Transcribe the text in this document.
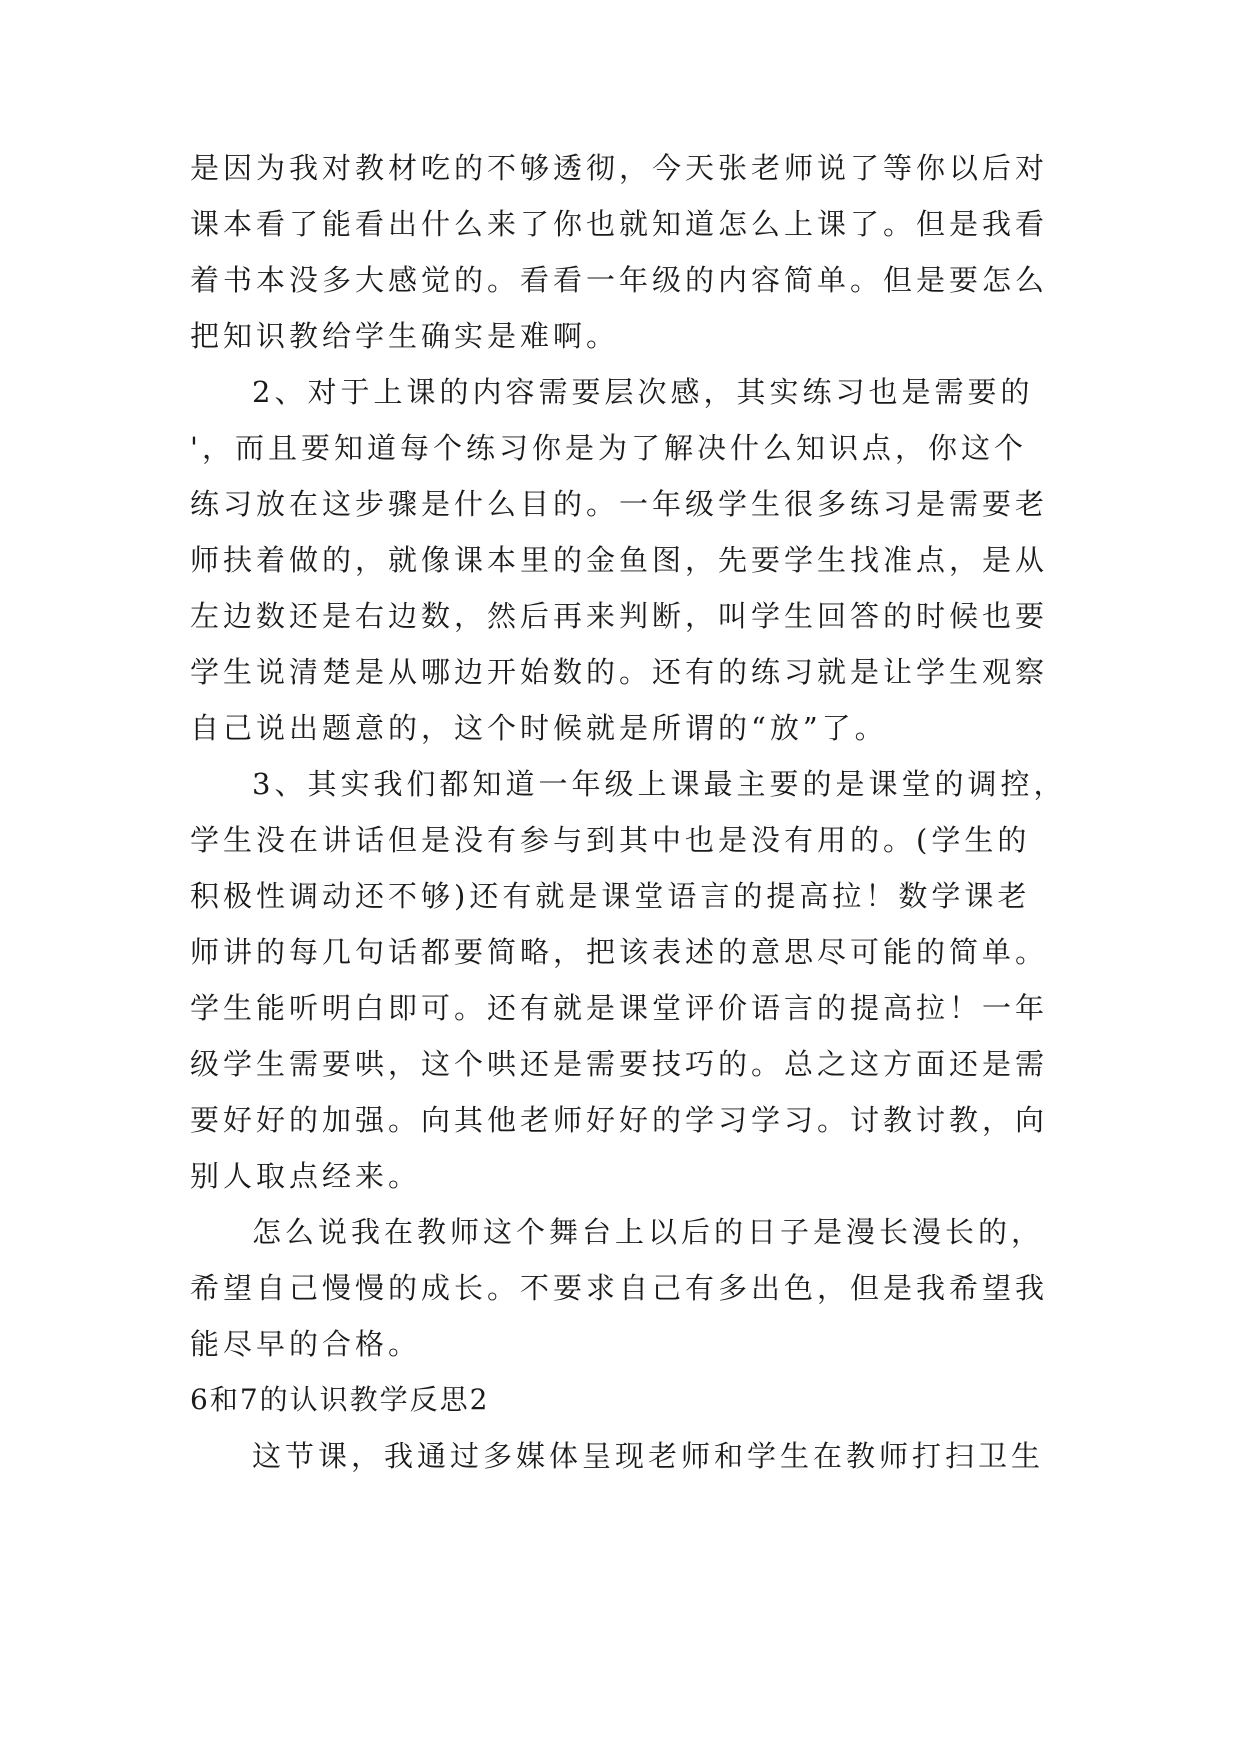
是因为我对教材吃的不够透彻，今天张老师说了等你以后对
课本看了能看出什么来了你也就知道怎么上课了。但是我看
着书本没多大感觉的。看看一年级的内容简单。但是要怎么
把知识教给学生确实是难啊。
2、对于上课的内容需要层次感，其实练习也是需要的
'，而且要知道每个练习你是为了解决什么知识点，你这个
练习放在这步骤是什么目的。一年级学生很多练习是需要老
师扶着做的，就像课本里的金鱼图，先要学生找准点，是从
左边数还是右边数，然后再来判断，叫学生回答的时候也要
学生说清楚是从哪边开始数的。还有的练习就是让学生观察
自己说出题意的，这个时候就是所谓的“放”了。
3、其实我们都知道一年级上课最主要的是课堂的调控，
学生没在讲话但是没有参与到其中也是没有用的。(学生的
积极性调动还不够)还有就是课堂语言的提高拉！数学课老
师讲的每几句话都要简略，把该表述的意思尽可能的简单。
学生能听明白即可。还有就是课堂评价语言的提高拉！一年
级学生需要哄，这个哄还是需要技巧的。总之这方面还是需
要好好的加强。向其他老师好好的学习学习。讨教讨教，向
别人取点经来。
怎么说我在教师这个舞台上以后的日子是漫长漫长的，
希望自己慢慢的成长。不要求自己有多出色，但是我希望我
能尽早的合格。
6和7的认识教学反思2
这节课，我通过多媒体呈现老师和学生在教师打扫卫生
